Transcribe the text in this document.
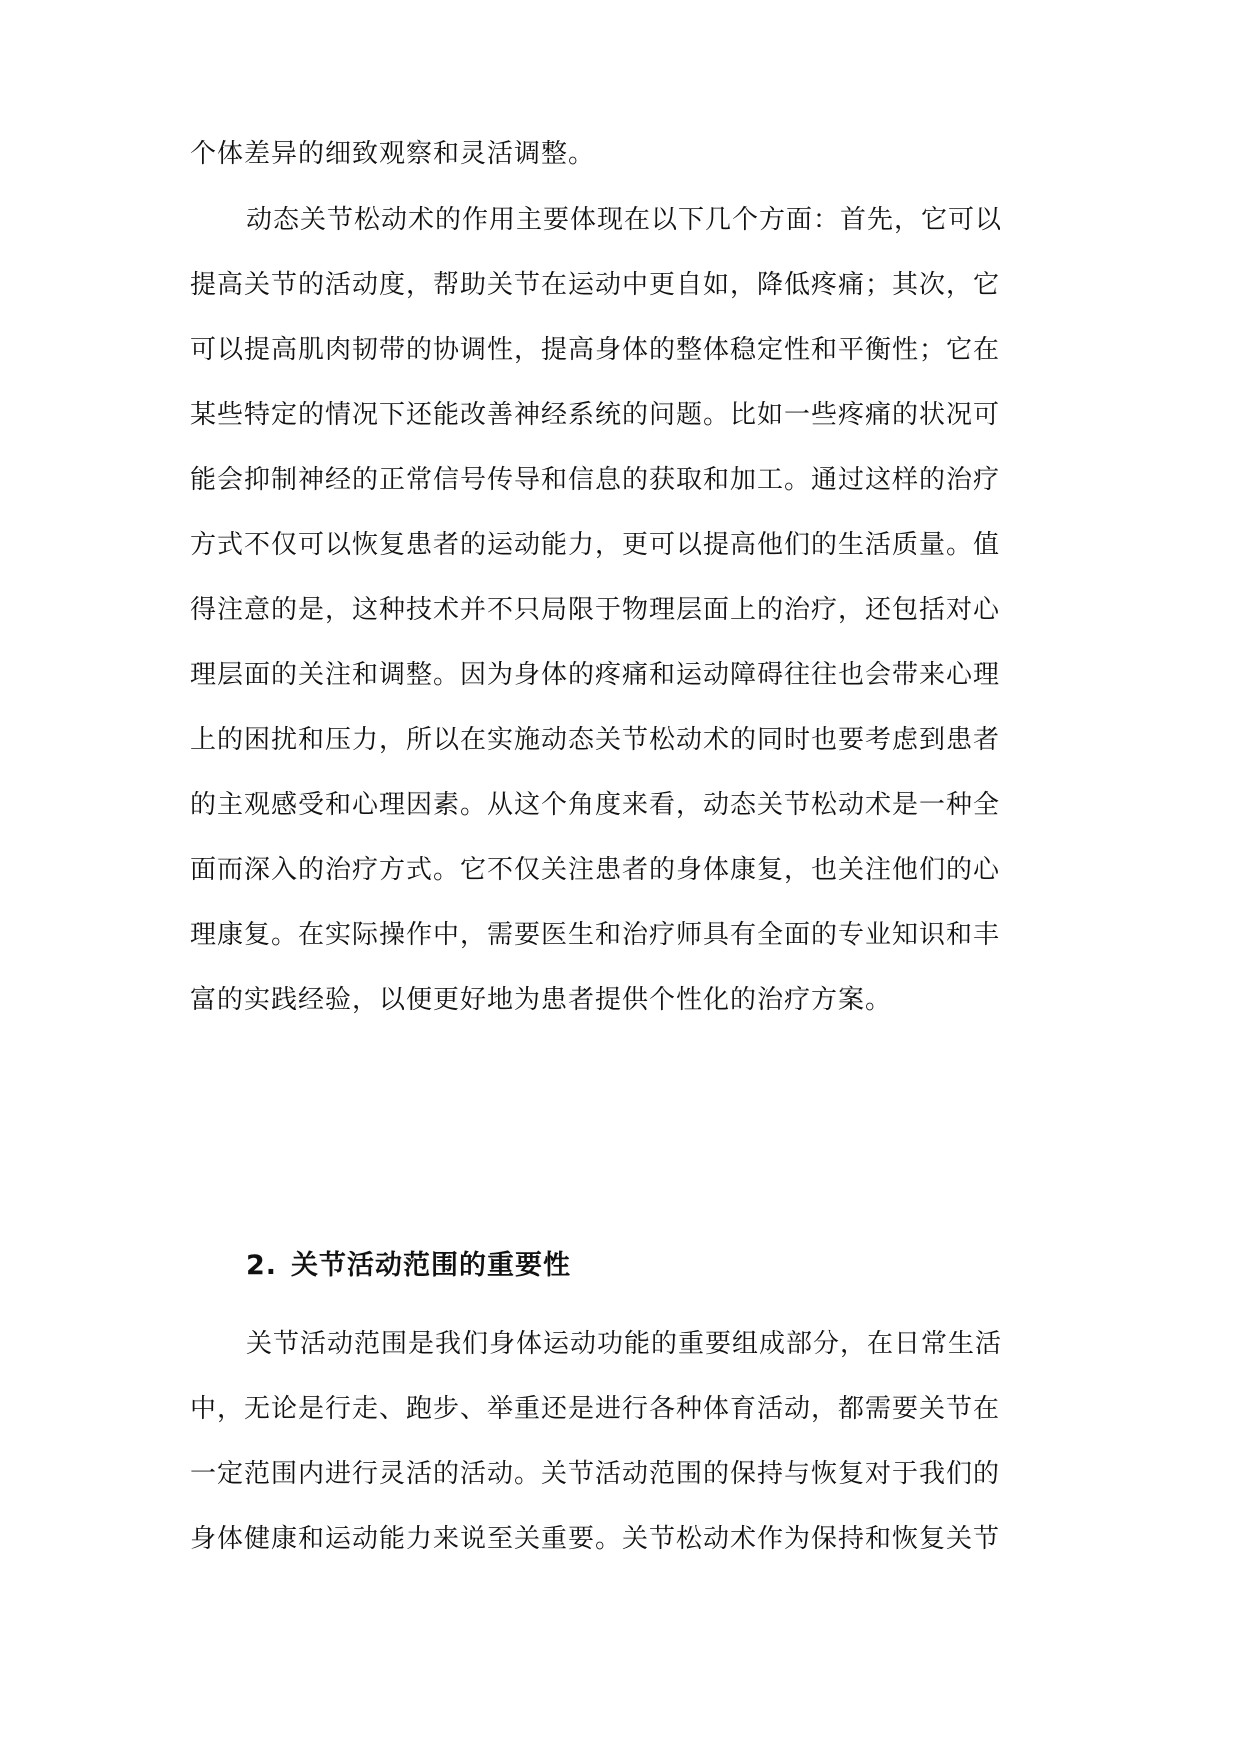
个体差异的细致观察和灵活调整。

动态关节松动术的作用主要体现在以下几个方面：首先，它可以
提高关节的活动度，帮助关节在运动中更自如，降低疼痛；其次，它
可以提高肌肉韧带的协调性，提高身体的整体稳定性和平衡性；它在
某些特定的情况下还能改善神经系统的问题。比如一些疼痛的状况可
能会抑制神经的正常信号传导和信息的获取和加工。通过这样的治疗
方式不仅可以恢复患者的运动能力，更可以提高他们的生活质量。值
得注意的是，这种技术并不只局限于物理层面上的治疗，还包括对心
理层面的关注和调整。因为身体的疼痛和运动障碍往往也会带来心理
上的困扰和压力，所以在实施动态关节松动术的同时也要考虑到患者
的主观感受和心理因素。从这个角度来看，动态关节松动术是一种全
面而深入的治疗方式。它不仅关注患者的身体康复，也关注他们的心
理康复。在实际操作中，需要医生和治疗师具有全面的专业知识和丰
富的实践经验，以便更好地为患者提供个性化的治疗方案。

2. 关节活动范围的重要性

关节活动范围是我们身体运动功能的重要组成部分，在日常生活
中，无论是行走、跑步、举重还是进行各种体育活动，都需要关节在
一定范围内进行灵活的活动。关节活动范围的保持与恢复对于我们的
身体健康和运动能力来说至关重要。关节松动术作为保持和恢复关节
